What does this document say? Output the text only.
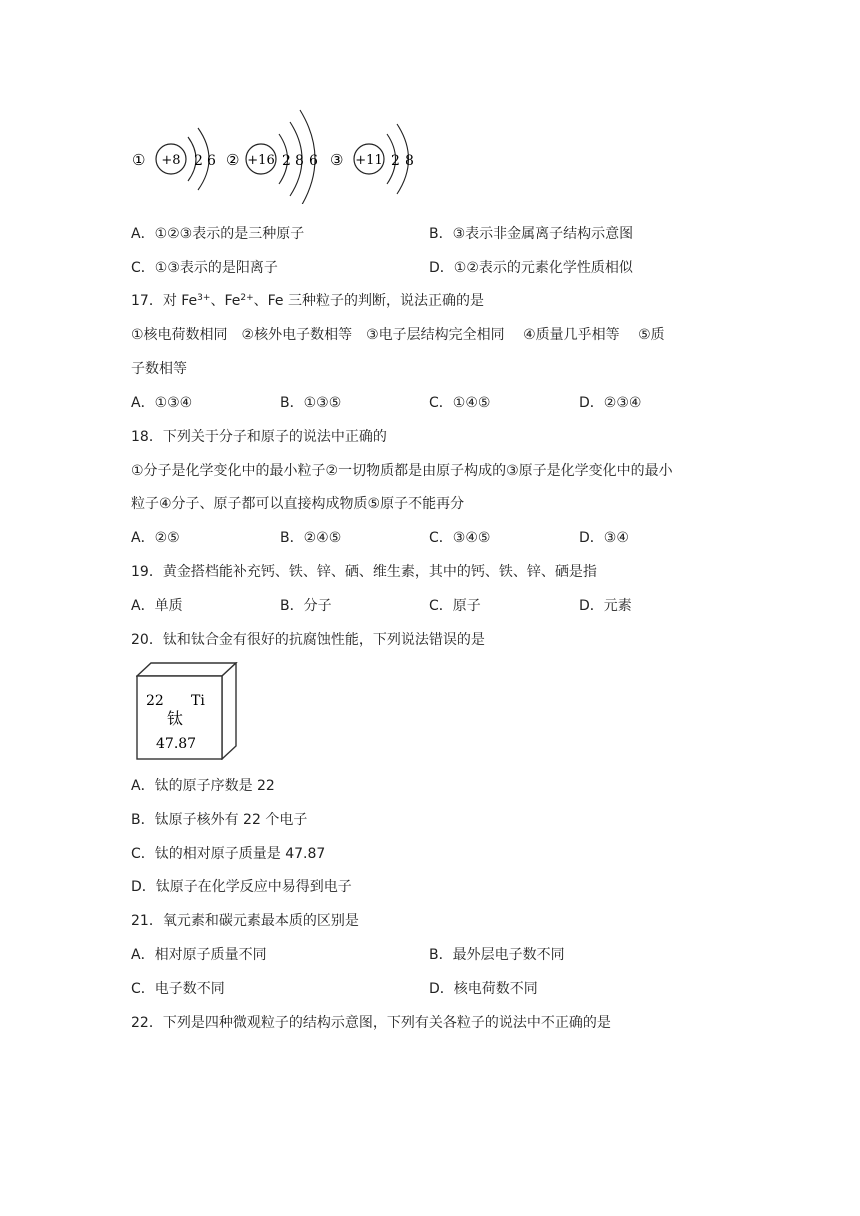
① +8 2 6 ② +16 2 8 6 ③ +11 2 8
A．①②③表示的是三种原子	B．③表示非金属离子结构示意图
C．①③表示的是阳离子	D．①②表示的元素化学性质相似
17．对 $Fe^{3+}$、$Fe^{2+}$、Fe 三种粒子的判断，说法正确的是
①核电荷数相同　②核外电子数相等　③电子层结构完全相同　 ④质量几乎相等　 ⑤质
子数相等
A．①③④	B．①③⑤	C．①④⑤	D．②③④
18．下列关于分子和原子的说法中正确的
①分子是化学变化中的最小粒子②一切物质都是由原子构成的③原子是化学变化中的最小
粒子④分子、原子都可以直接构成物质⑤原子不能再分
A．②⑤	B．②④⑤	C．③④⑤	D．③④
19．黄金搭档能补充钙、铁、锌、硒、维生素，其中的钙、铁、锌、硒是指
A．单质	B．分子	C．原子	D．元素
20．钛和钛合金有很好的抗腐蚀性能，下列说法错误的是
22 Ti
钛
47.87
A．钛的原子序数是 22
B．钛原子核外有 22 个电子
C．钛的相对原子质量是 47.87
D．钛原子在化学反应中易得到电子
21．氧元素和碳元素最本质的区别是
A．相对原子质量不同	B．最外层电子数不同
C．电子数不同	D．核电荷数不同
22．下列是四种微观粒子的结构示意图，下列有关各粒子的说法中不正确的是
